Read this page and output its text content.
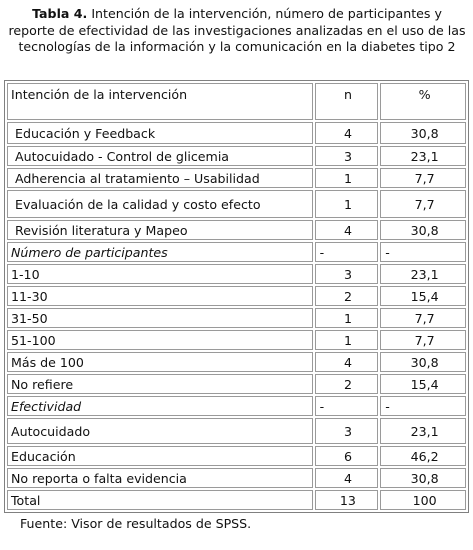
Tabla 4. Intención de la intervención, número de participantes y reporte de efectividad de las investigaciones analizadas en el uso de las tecnologías de la información y la comunicación en la diabetes tipo 2
Intención de la intervención	n	%
Educación y Feedback	4	30,8
Autocuidado - Control de glicemia	3	23,1
Adherencia al tratamiento – Usabilidad	1	7,7
Evaluación de la calidad y costo efecto	1	7,7
Revisión literatura y Mapeo	4	30,8
Número de participantes	-	-
1-10	3	23,1
11-30	2	15,4
31-50	1	7,7
51-100	1	7,7
Más de 100	4	30,8
No refiere	2	15,4
Efectividad	-	-
Autocuidado	3	23,1
Educación	6	46,2
No reporta o falta evidencia	4	30,8
Total	13	100
Fuente: Visor de resultados de SPSS.
